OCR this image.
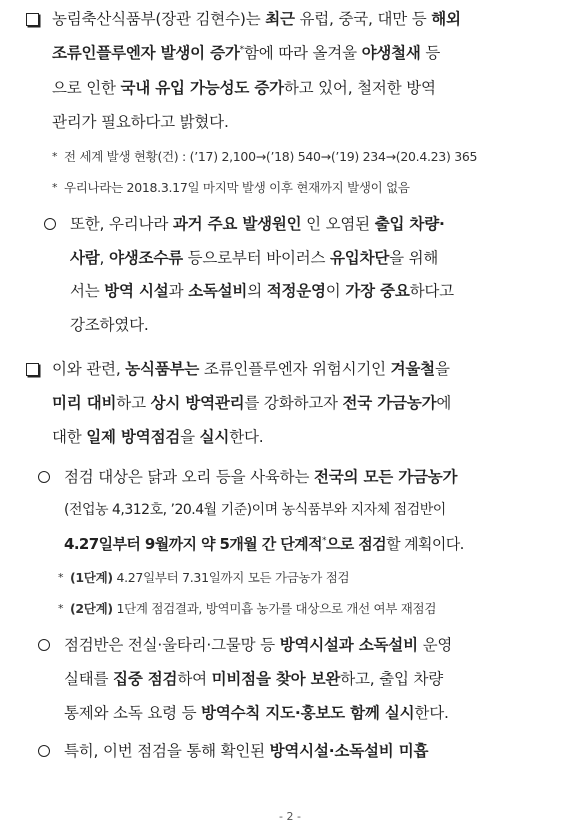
농림축산식품부(장관 김현수)는 최근 유럽, 중국, 대만 등 해외
조류인플루엔자 발생이 증가*함에 따라 올겨울 야생철새 등
으로 인한 국내 유입 가능성도 증가하고 있어, 철저한 방역
관리가 필요하다고 밝혔다.
* 전 세계 발생 현황(건) : (’17) 2,100→(’18) 540→(’19) 234→(20.4.23) 365
* 우리나라는 2018.3.17일 마지막 발생 이후 현재까지 발생이 없음
또한, 우리나라 과거 주요 발생원인 인 오염된 출입 차량·
사람, 야생조수류 등으로부터 바이러스 유입차단을 위해
서는 방역 시설과 소독설비의 적정운영이 가장 중요하다고
강조하였다.
이와 관련, 농식품부는 조류인플루엔자 위험시기인 겨울철을
미리 대비하고 상시 방역관리를 강화하고자 전국 가금농가에
대한 일제 방역점검을 실시한다.
점검 대상은 닭과 오리 등을 사육하는 전국의 모든 가금농가
(전업농 4,312호, ’20.4월 기준)이며 농식품부와 지자체 점검반이
4.27일부터 9월까지 약 5개월 간 단계적*으로 점검할 계획이다.
* (1단계) 4.27일부터 7.31일까지 모든 가금농가 점검
* (2단계) 1단계 점검결과, 방역미흡 농가를 대상으로 개선 여부 재점검
점검반은 전실·울타리·그물망 등 방역시설과 소독설비 운영
실태를 집중 점검하여 미비점을 찾아 보완하고, 출입 차량
통제와 소독 요령 등 방역수칙 지도·홍보도 함께 실시한다.
특히, 이번 점검을 통해 확인된 방역시설·소독설비 미흡
- 2 -
